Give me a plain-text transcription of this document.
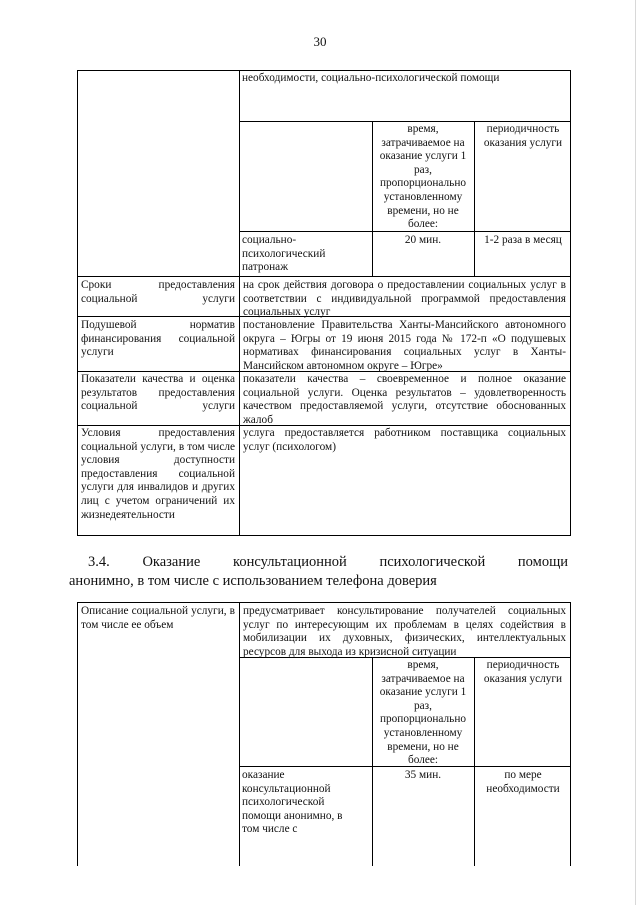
30
необходимости, социально-психологической помощи
время, затрачиваемое на оказание услуги 1 раз, пропорционально установленному времени, но не более:
периодичность оказания услуги
социально-психологический патронаж
20 мин.	1-2 раза в месяц
Сроки предоставления социальной услуги
на срок действия договора о предоставлении социальных услуг в соответствии с индивидуальной программой предоставления социальных услуг
Подушевой норматив финансирования социальной услуги
постановление Правительства Ханты-Мансийского автономного округа – Югры от 19 июня 2015 года № 172-п «О подушевых нормативах финансирования социальных услуг в Ханты-Мансийском автономном округе – Югре»
Показатели качества и оценка результатов предоставления социальной услуги
показатели качества – своевременное и полное оказание социальной услуги. Оценка результатов – удовлетворенность качеством предоставляемой услуги, отсутствие обоснованных жалоб
Условия предоставления социальной услуги, в том числе условия доступности предоставления социальной услуги для инвалидов и других лиц с учетом ограничений их жизнедеятельности
услуга предоставляется работником поставщика социальных услуг (психологом)
3.4. Оказание консультационной психологической помощи
анонимно, в том числе с использованием телефона доверия
Описание социальной услуги, в том числе ее объем
предусматривает консультирование получателей социальных услуг по интересующим их проблемам в целях содействия в мобилизации их духовных, физических, интеллектуальных ресурсов для выхода из кризисной ситуации
время, затрачиваемое на оказание услуги 1 раз, пропорционально установленному времени, но не более:
периодичность оказания услуги
оказание консультационной психологической помощи анонимно, в том числе с
35 мин.	по мере необходимости
